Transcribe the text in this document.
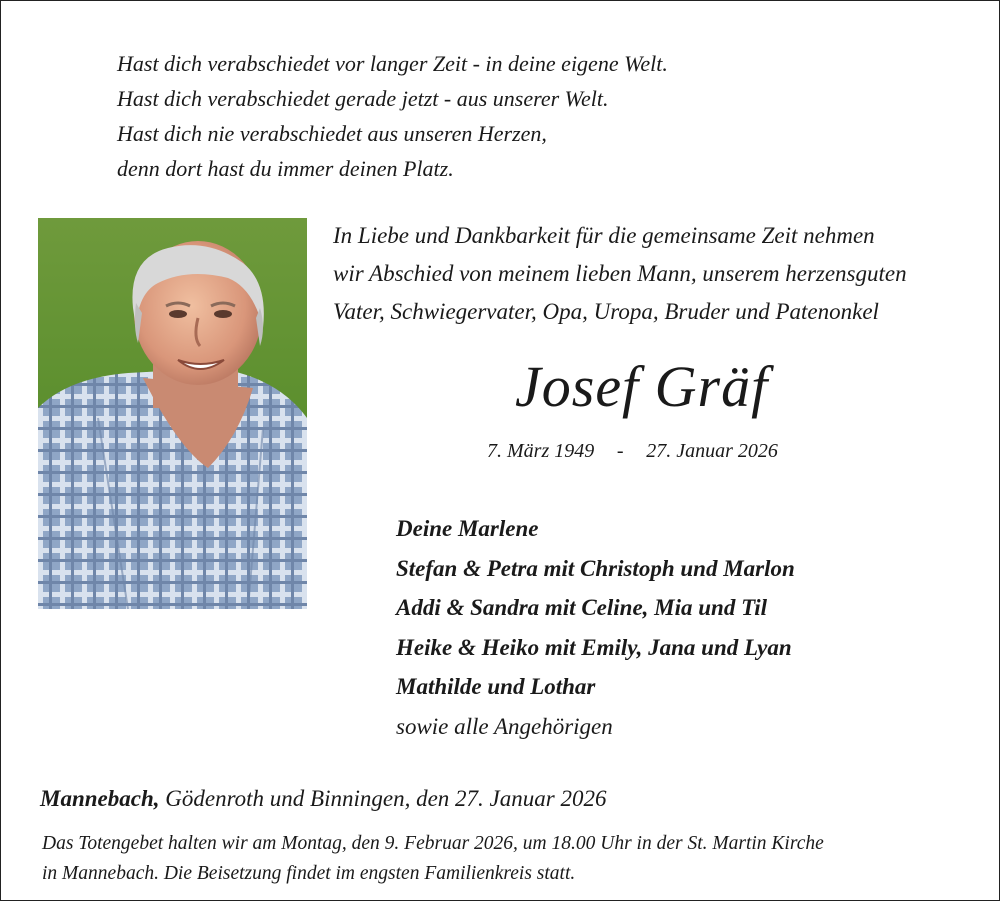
Hast dich verabschiedet vor langer Zeit - in deine eigene Welt.
Hast dich verabschiedet gerade jetzt - aus unserer Welt.
Hast dich nie verabschiedet aus unseren Herzen,
denn dort hast du immer deinen Platz.
In Liebe und Dankbarkeit für die gemeinsame Zeit nehmen
wir Abschied von meinem lieben Mann, unserem herzensguten
Vater, Schwiegervater, Opa, Uropa, Bruder und Patenonkel
Josef Gräf
7. März 1949 - 27. Januar 2026
Deine Marlene
Stefan & Petra mit Christoph und Marlon
Addi & Sandra mit Celine, Mia und Til
Heike & Heiko mit Emily, Jana und Lyan
Mathilde und Lothar
sowie alle Angehörigen
Mannebach, Gödenroth und Binningen, den 27. Januar 2026
Das Totengebet halten wir am Montag, den 9. Februar 2026, um 18.00 Uhr in der St. Martin Kirche
in Mannebach. Die Beisetzung findet im engsten Familienkreis statt.
